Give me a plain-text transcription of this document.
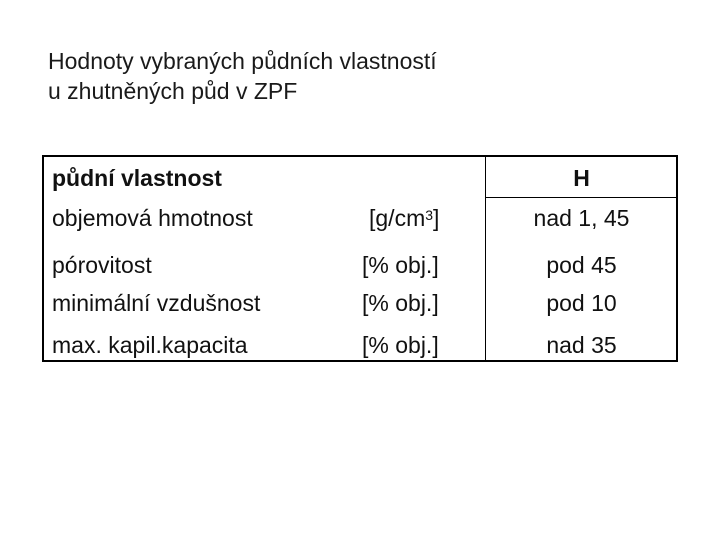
Hodnoty vybraných půdních vlastností
u zhutněných půd v ZPF
půdní vlastnost	H
objemová hmotnost	$[g/cm^3]$	nad 1, 45
pórovitost	[% obj.]	pod 45
minimální vzdušnost	[% obj.]	pod 10
max. kapil.kapacita	[% obj.]	nad 35
